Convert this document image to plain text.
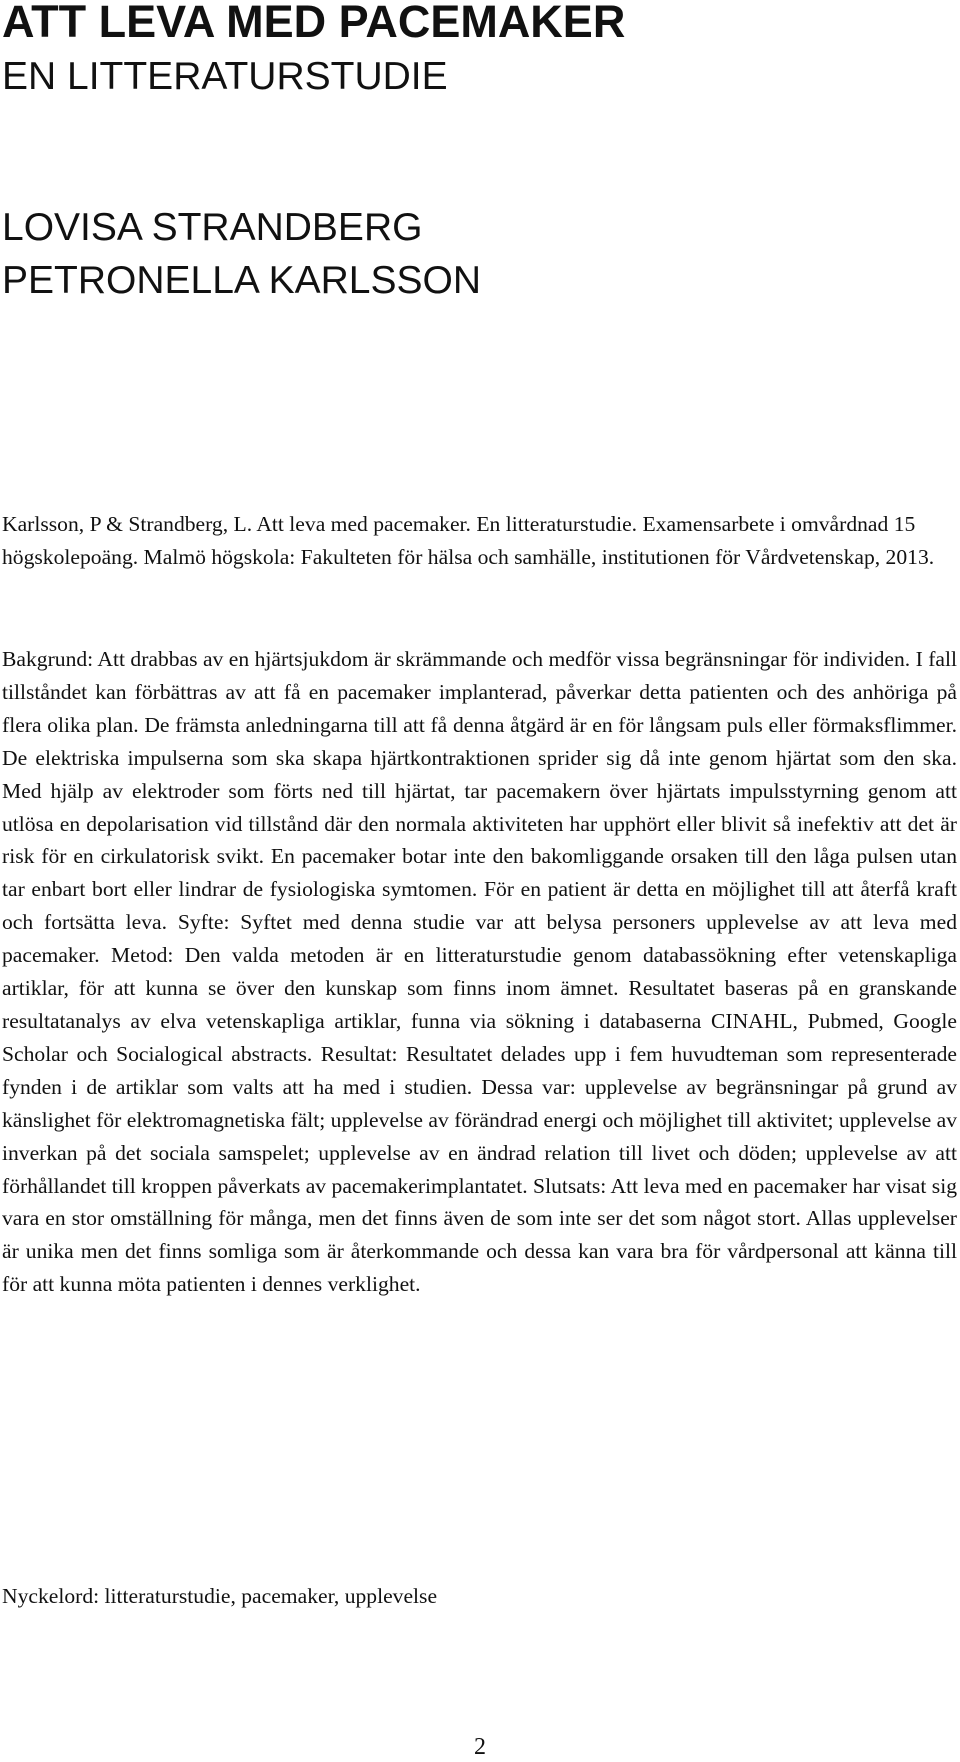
ATT LEVA MED PACEMAKER
EN LITTERATURSTUDIE

LOVISA STRANDBERG

PETRONELLA KARLSSON

Karlsson, P & Strandberg, L. Att leva med pacemaker. En litteraturstudie. Examensarbete i omvårdnad 15 högskolepoäng. Malmö högskola: Fakulteten för hälsa och samhälle, institutionen för Vårdvetenskap, 2013.

Bakgrund: Att drabbas av en hjärtsjukdom är skrämmande och medför vissa begränsningar för individen. I fall tillståndet kan förbättras av att få en pacemaker implanterad, påverkar detta patienten och des anhöriga på flera olika plan. De främsta anledningarna till att få denna åtgärd är en för långsam puls eller förmaksflimmer. De elektriska impulserna som ska skapa hjärtkontraktionen sprider sig då inte genom hjärtat som den ska. Med hjälp av elektroder som förts ned till hjärtat, tar pacemakern över hjärtats impulsstyrning genom att utlösa en depolarisation vid tillstånd där den normala aktiviteten har upphört eller blivit så inefektiv att det är risk för en cirkulatorisk svikt. En pacemaker botar inte den bakomliggande orsaken till den låga pulsen utan tar enbart bort eller lindrar de fysiologiska symtomen. För en patient är detta en möjlighet till att återfå kraft och fortsätta leva. Syfte: Syftet med denna studie var att belysa personers upplevelse av att leva med pacemaker. Metod: Den valda metoden är en litteraturstudie genom databassökning efter vetenskapliga artiklar, för att kunna se över den kunskap som finns inom ämnet. Resultatet baseras på en granskande resultatanalys av elva vetenskapliga artiklar, funna via sökning i databaserna CINAHL, Pubmed, Google Scholar och Socialogical abstracts. Resultat: Resultatet delades upp i fem huvudteman som representerade fynden i de artiklar som valts att ha med i studien. Dessa var: upplevelse av begränsningar på grund av känslighet för elektromagnetiska fält; upplevelse av förändrad energi och möjlighet till aktivitet; upplevelse av inverkan på det sociala samspelet; upplevelse av en ändrad relation till livet och döden; upplevelse av att förhållandet till kroppen påverkats av pacemakerimplantatet. Slutsats: Att leva med en pacemaker har visat sig vara en stor omställning för många, men det finns även de som inte ser det som något stort. Allas upplevelser är unika men det finns somliga som är återkommande och dessa kan vara bra för vårdpersonal att känna till för att kunna möta patienten i dennes verklighet.

Nyckelord: litteraturstudie, pacemaker, upplevelse

2
